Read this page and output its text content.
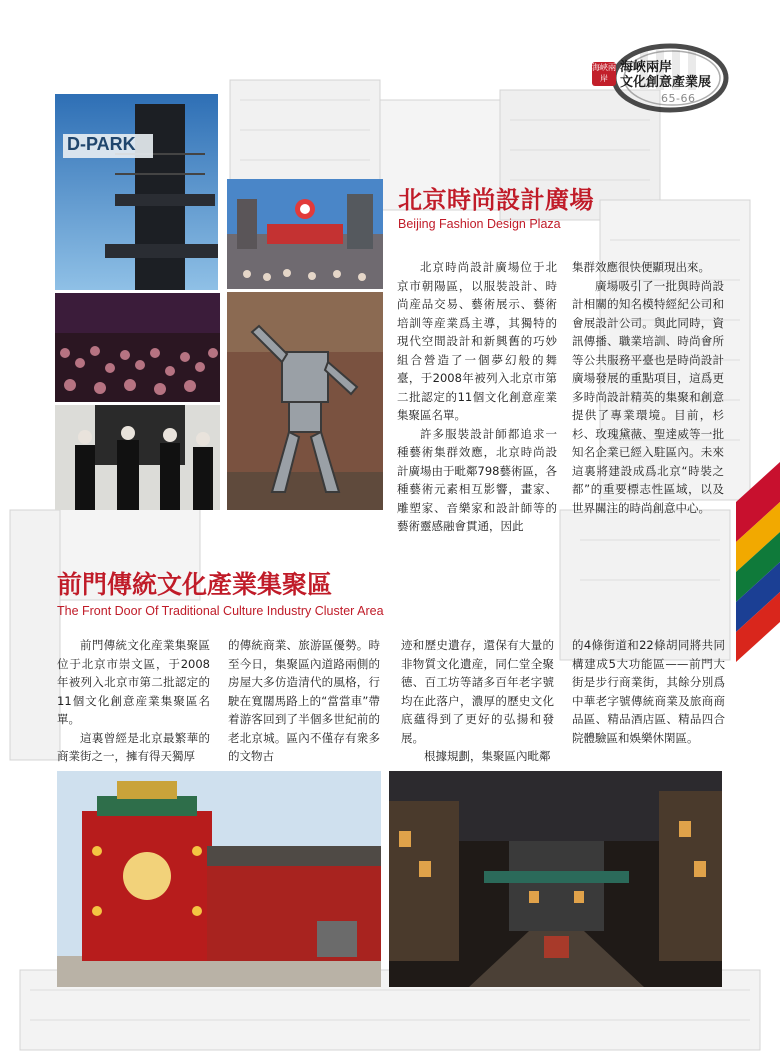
海峽兩岸
海峽兩岸
文化創意產業展
65-66
D-PARK
北京時尚設計廣場
Beijing Fashion Design Plaza

北京時尚設計廣場位于北京市朝陽區，以服裝設計、時尚産品交易、藝術展示、藝術培訓等産業爲主導，其獨特的現代空間設計和新興舊的巧妙組合營造了一個夢幻般的舞臺，于2008年被列入北京市第二批認定的11個文化創意産業集聚區名單。

許多服裝設計師都追求一種藝術集群效應，北京時尚設計廣場由于毗鄰798藝術區，各種藝術元素相互影響，畫家、雕塑家、音樂家和設計師等的藝術靈感融會貫通，因此

集群效應很快便顯現出來。

廣場吸引了一批與時尚設計相關的知名模特經紀公司和會展設計公司。與此同時，資訊傳播、職業培訓、時尚會所等公共服務平臺也是時尚設計廣場發展的重點項目，這爲更多時尚設計精英的集聚和創意提供了專業環境。目前，杉杉、玫瑰黛薇、聖達威等一批知名企業已經入駐區內。未來這裏將建設成爲北京“時裝之都”的重要標志性區域，以及世界關注的時尚創意中心。

前門傳統文化產業集聚區
The Front Door Of Traditional Culture Industry Cluster Area

前門傳統文化産業集聚區位于北京市崇文區，于2008年被列入北京市第二批認定的11個文化創意産業集聚區名單。

這裏曾經是北京最繁華的商業街之一，擁有得天獨厚

的傳統商業、旅游區優勢。時至今日，集聚區內道路兩側的房屋大多仿造清代的風格，行駛在寬闊馬路上的“當當車”帶着游客回到了半個多世紀前的老北京城。區內不僅存有衆多的文物古

迹和歷史遺存，還保有大量的非物質文化遺産，同仁堂全聚德、百工坊等諸多百年老字號均在此落户，濃厚的歷史文化底蘊得到了更好的弘揚和發展。

根據規劃，集聚區內毗鄰

的4條街道和22條胡同將共同構建成5大功能區——前門大街是步行商業街，其餘分別爲中華老字號傳統商業及旅商商品區、精品酒店區、精品四合院體驗區和娛樂休閑區。
